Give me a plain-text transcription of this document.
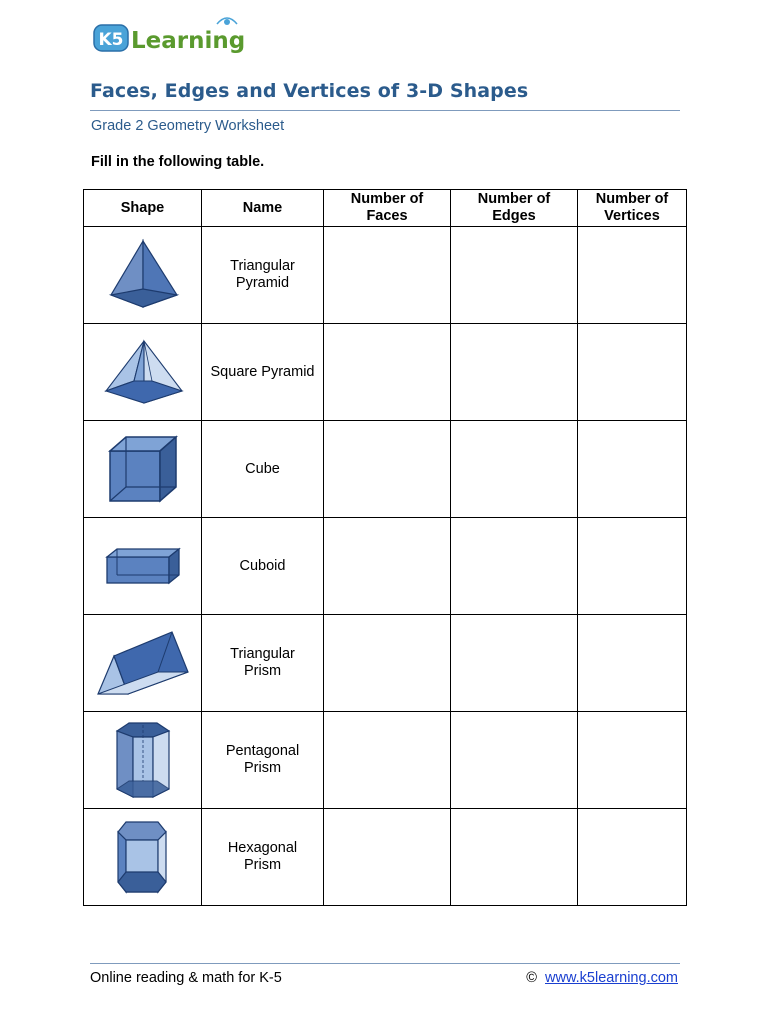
K5 Learning
Faces, Edges and Vertices of 3-D Shapes
Grade 2 Geometry Worksheet
Fill in the following table.
Shape	Name	Number of Faces	Number of Edges	Number of Vertices

	Triangular Pyramid			

	Square Pyramid			

	Cube			

	Cuboid			

	Triangular Prism			

	Pentagonal Prism			

	Hexagonal Prism			
Online reading & math for K-5	© www.k5learning.com
